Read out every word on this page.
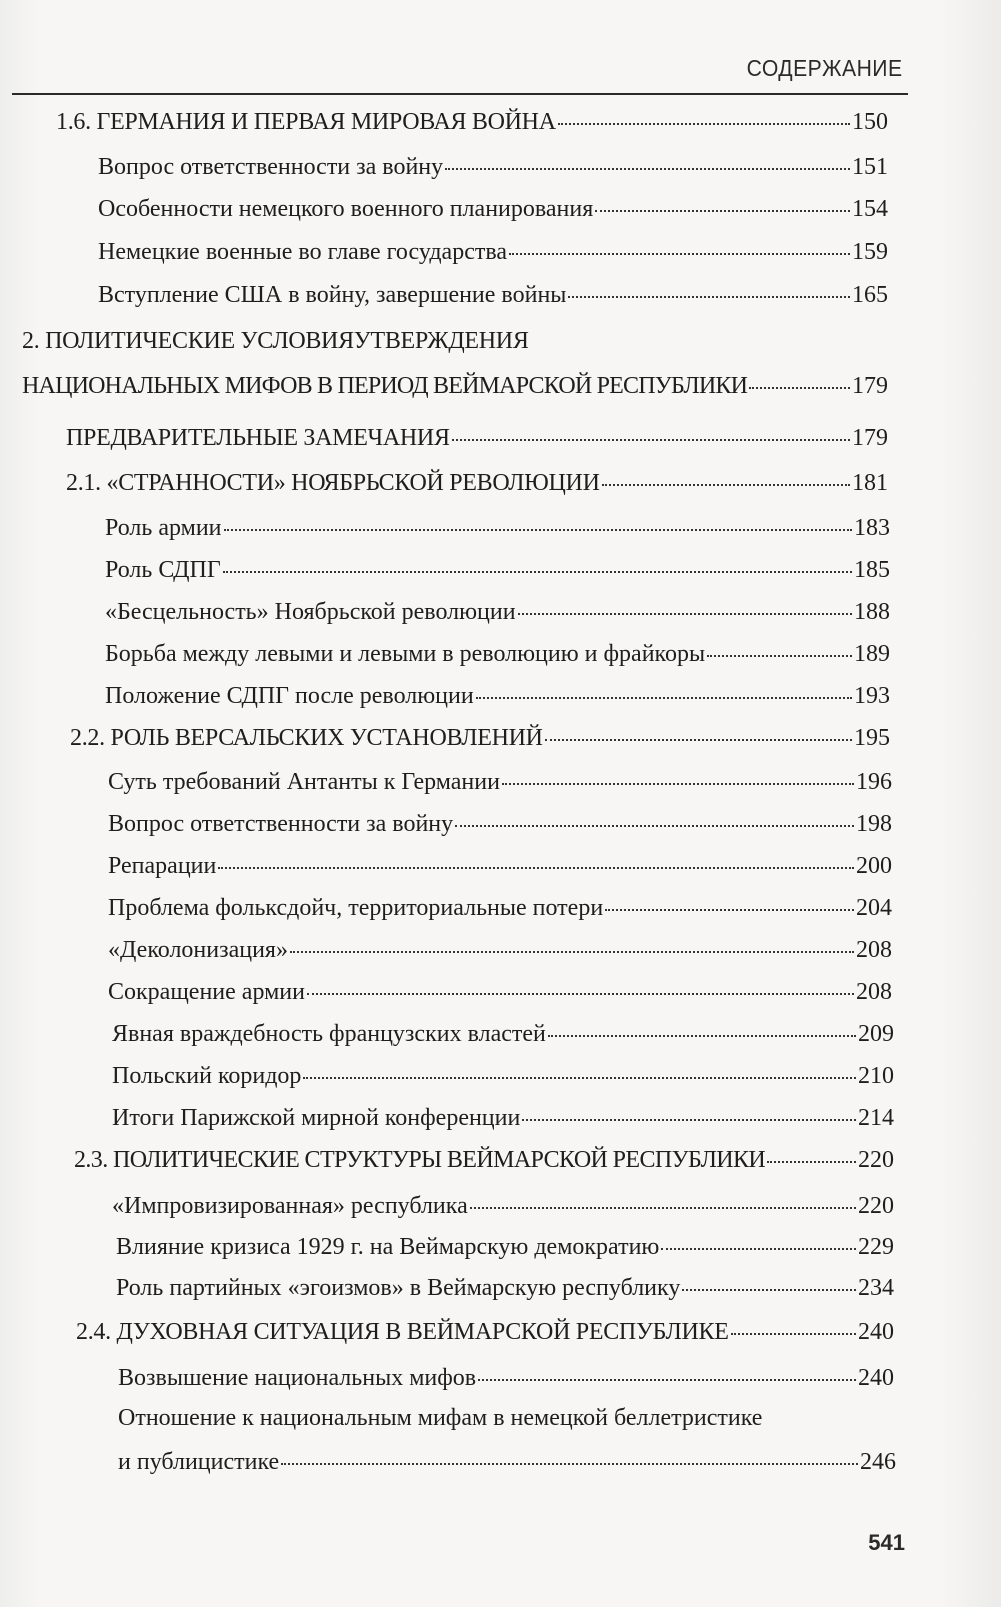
СОДЕРЖАНИЕ
1.6. ГЕРМАНИЯ И ПЕРВАЯ МИРОВАЯ ВОЙНА	150
Вопрос ответственности за войну	151
Особенности немецкого военного планирования	154
Немецкие военные во главе государства	159
Вступление США в войну, завершение войны	165
2. ПОЛИТИЧЕСКИЕ УСЛОВИЯУТВЕРЖДЕНИЯ
НАЦИОНАЛЬНЫХ МИФОВ В ПЕРИОД ВЕЙМАРСКОЙ РЕСПУБЛИКИ	179
ПРЕДВАРИТЕЛЬНЫЕ ЗАМЕЧАНИЯ	179
2.1. «СТРАННОСТИ» НОЯБРЬСКОЙ РЕВОЛЮЦИИ	181
Роль армии	183
Роль СДПГ	185
«Бесцельность» Ноябрьской революции	188
Борьба между левыми и левыми в революцию и фрайкоры	189
Положение СДПГ после революции	193
2.2. РОЛЬ ВЕРСАЛЬСКИХ УСТАНОВЛЕНИЙ	195
Суть требований Антанты к Германии	196
Вопрос ответственности за войну	198
Репарации	200
Проблема фольксдойч, территориальные потери	204
«Деколонизация»	208
Сокращение армии	208
Явная враждебность французских властей	209
Польский коридор	210
Итоги Парижской мирной конференции	214
2.3. ПОЛИТИЧЕСКИЕ СТРУКТУРЫ ВЕЙМАРСКОЙ РЕСПУБЛИКИ	220
«Импровизированная» республика	220
Влияние кризиса 1929 г. на Веймарскую демократию	229
Роль партийных «эгоизмов» в Веймарскую республику	234
2.4. ДУХОВНАЯ СИТУАЦИЯ В ВЕЙМАРСКОЙ РЕСПУБЛИКЕ	240
Возвышение национальных мифов	240
Отношение к национальным мифам в немецкой беллетристике
и публицистике	246
541
